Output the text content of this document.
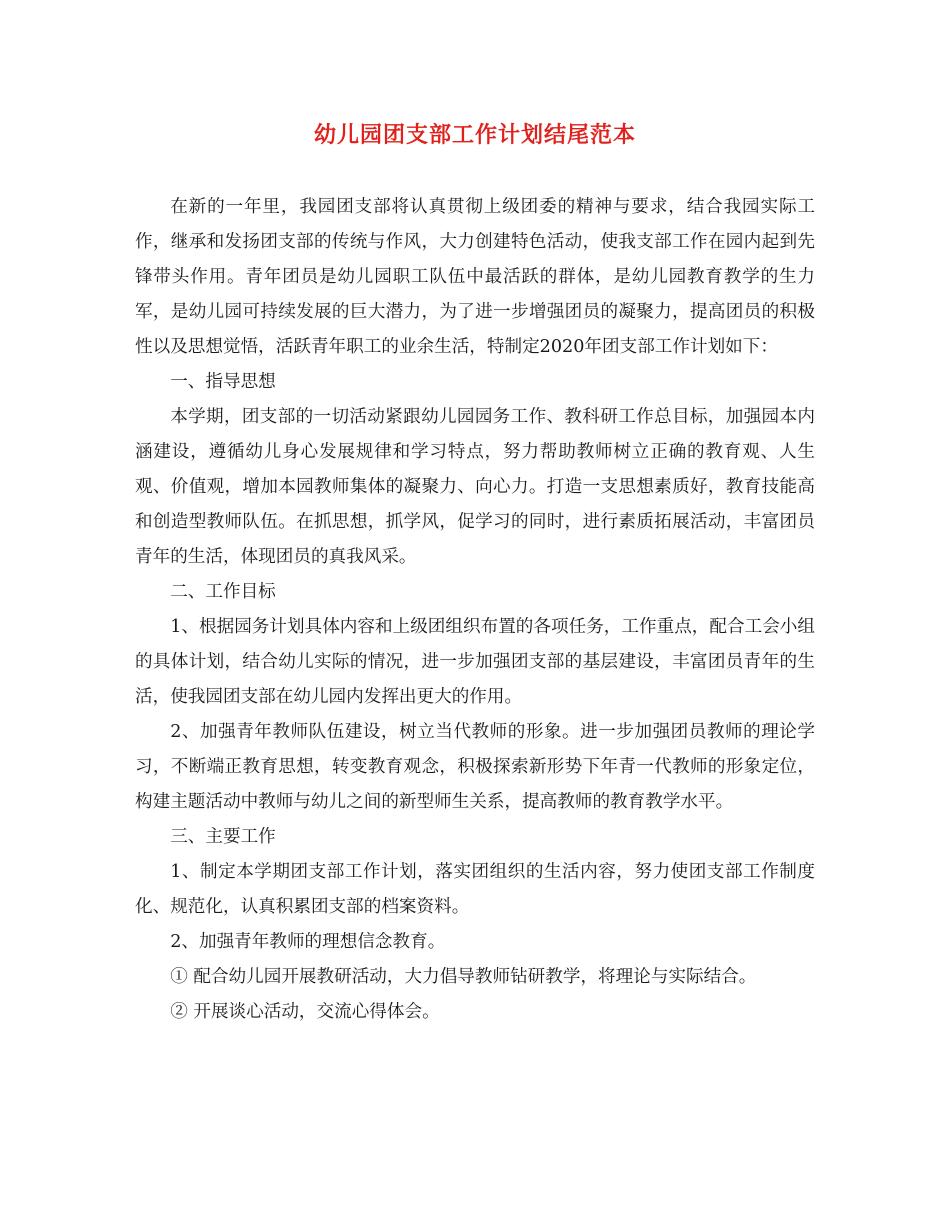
幼儿园团支部工作计划结尾范本

在新的一年里，我园团支部将认真贯彻上级团委的精神与要求，结合我园实际工作，继承和发扬团支部的传统与作风，大力创建特色活动，使我支部工作在园内起到先锋带头作用。青年团员是幼儿园职工队伍中最活跃的群体，是幼儿园教育教学的生力军，是幼儿园可持续发展的巨大潜力，为了进一步增强团员的凝聚力，提高团员的积极性以及思想觉悟，活跃青年职工的业余生活，特制定2020年团支部工作计划如下：

一、指导思想

本学期，团支部的一切活动紧跟幼儿园园务工作、教科研工作总目标，加强园本内涵建设，遵循幼儿身心发展规律和学习特点，努力帮助教师树立正确的教育观、人生观、价值观，增加本园教师集体的凝聚力、向心力。打造一支思想素质好，教育技能高和创造型教师队伍。在抓思想，抓学风，促学习的同时，进行素质拓展活动，丰富团员青年的生活，体现团员的真我风采。

二、工作目标

1、根据园务计划具体内容和上级团组织布置的各项任务，工作重点，配合工会小组的具体计划，结合幼儿实际的情况，进一步加强团支部的基层建设，丰富团员青年的生活，使我园团支部在幼儿园内发挥出更大的作用。

2、加强青年教师队伍建设，树立当代教师的形象。进一步加强团员教师的理论学习，不断端正教育思想，转变教育观念，积极探索新形势下年青一代教师的形象定位，构建主题活动中教师与幼儿之间的新型师生关系，提高教师的教育教学水平。

三、主要工作

1、制定本学期团支部工作计划，落实团组织的生活内容，努力使团支部工作制度化、规范化，认真积累团支部的档案资料。

2、加强青年教师的理想信念教育。

① 配合幼儿园开展教研活动，大力倡导教师钻研教学，将理论与实际结合。

② 开展谈心活动，交流心得体会。
